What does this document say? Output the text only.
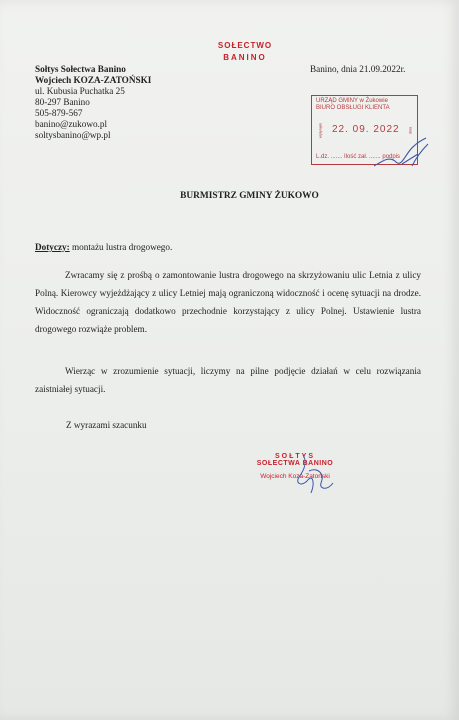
SOŁECTWO
BANINO
Sołtys Sołectwa Banino
Wojciech KOZA-ZATOŃSKI
ul. Kubusia Puchatka 25
80-297 Banino
505-879-567
banino@zukowo.pl
soltysbanino@wp.pl
Banino, dnia 21.09.2022r.
URZĄD GMINY w Żukowie
BIURO OBSŁUGI KLIENTA
wpłynęło	dnia
22. 09. 2022
L.dz. ....... Ilość zał. ....... podpis
BURMISTRZ GMINY ŻUKOWO
Dotyczy: montażu lustra drogowego.
Zwracamy się z prośbą o zamontowanie lustra drogowego na skrzyżowaniu ulic Letnia z ulicy Polną. Kierowcy wyjeżdżający z ulicy Letniej mają ograniczoną widoczność i ocenę sytuacji na drodze. Widoczność ograniczają dodatkowo przechodnie korzystający z ulicy Polnej. Ustawienie lustra drogowego rozwiąże problem.
Wierząc w zrozumienie sytuacji, liczymy na pilne podjęcie działań w celu rozwiązania zaistniałej sytuacji.
Z wyrazami szacunku
SOŁTYS
SOŁECTWA BANINO
Wojciech Koza-Zatoński
